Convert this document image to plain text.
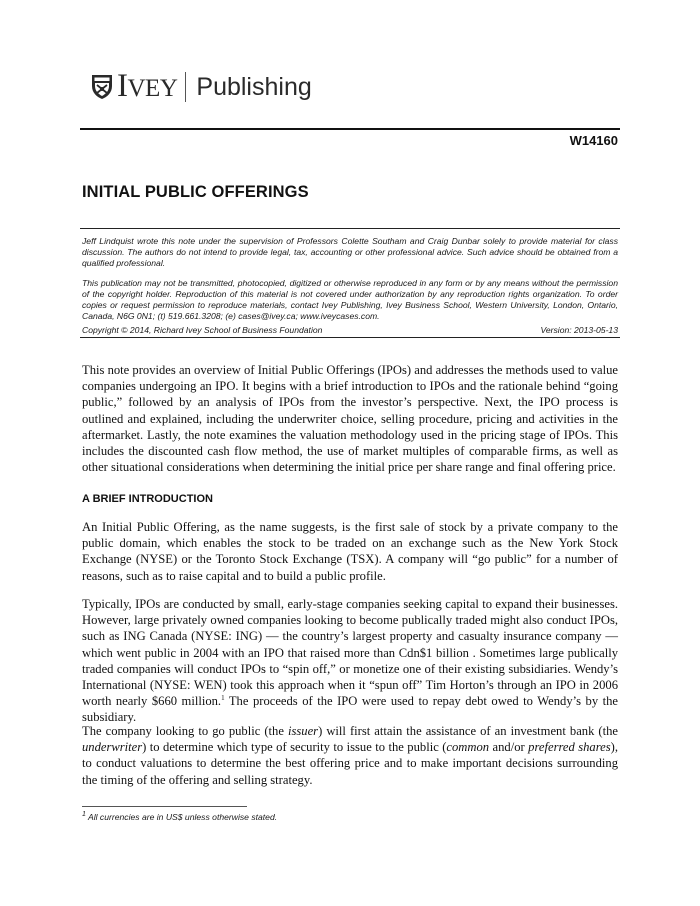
IVEY Publishing
W14160
INITIAL PUBLIC OFFERINGS
Jeff Lindquist wrote this note under the supervision of Professors Colette Southam and Craig Dunbar solely to provide material for class discussion. The authors do not intend to provide legal, tax, accounting or other professional advice. Such advice should be obtained from a qualified professional.
This publication may not be transmitted, photocopied, digitized or otherwise reproduced in any form or by any means without the permission of the copyright holder. Reproduction of this material is not covered under authorization by any reproduction rights organization. To order copies or request permission to reproduce materials, contact Ivey Publishing, Ivey Business School, Western University, London, Ontario, Canada, N6G 0N1; (t) 519.661.3208; (e) cases@ivey.ca; www.iveycases.com.
Copyright © 2014, Richard Ivey School of Business Foundation	Version: 2013-05-13
This note provides an overview of Initial Public Offerings (IPOs) and addresses the methods used to value companies undergoing an IPO. It begins with a brief introduction to IPOs and the rationale behind “going public,” followed by an analysis of IPOs from the investor’s perspective. Next, the IPO process is outlined and explained, including the underwriter choice, selling procedure, pricing and activities in the aftermarket. Lastly, the note examines the valuation methodology used in the pricing stage of IPOs. This includes the discounted cash flow method, the use of market multiples of comparable firms, as well as other situational considerations when determining the initial price per share range and final offering price.
A BRIEF INTRODUCTION
An Initial Public Offering, as the name suggests, is the first sale of stock by a private company to the public domain, which enables the stock to be traded on an exchange such as the New York Stock Exchange (NYSE) or the Toronto Stock Exchange (TSX). A company will “go public” for a number of reasons, such as to raise capital and to build a public profile.
Typically, IPOs are conducted by small, early-stage companies seeking capital to expand their businesses. However, large privately owned companies looking to become publically traded might also conduct IPOs, such as ING Canada (NYSE: ING) — the country’s largest property and casualty insurance company — which went public in 2004 with an IPO that raised more than Cdn$1 billion . Sometimes large publically traded companies will conduct IPOs to “spin off,” or monetize one of their existing subsidiaries. Wendy’s International (NYSE: WEN) took this approach when it “spun off” Tim Horton’s through an IPO in 2006 worth nearly $660 million.$^1$ The proceeds of the IPO were used to repay debt owed to Wendy’s by the subsidiary.
The company looking to go public (the issuer) will first attain the assistance of an investment bank (the underwriter) to determine which type of security to issue to the public (common and/or preferred shares), to conduct valuations to determine the best offering price and to make important decisions surrounding the timing of the offering and selling strategy.
$^1$ All currencies are in US$ unless otherwise stated.
